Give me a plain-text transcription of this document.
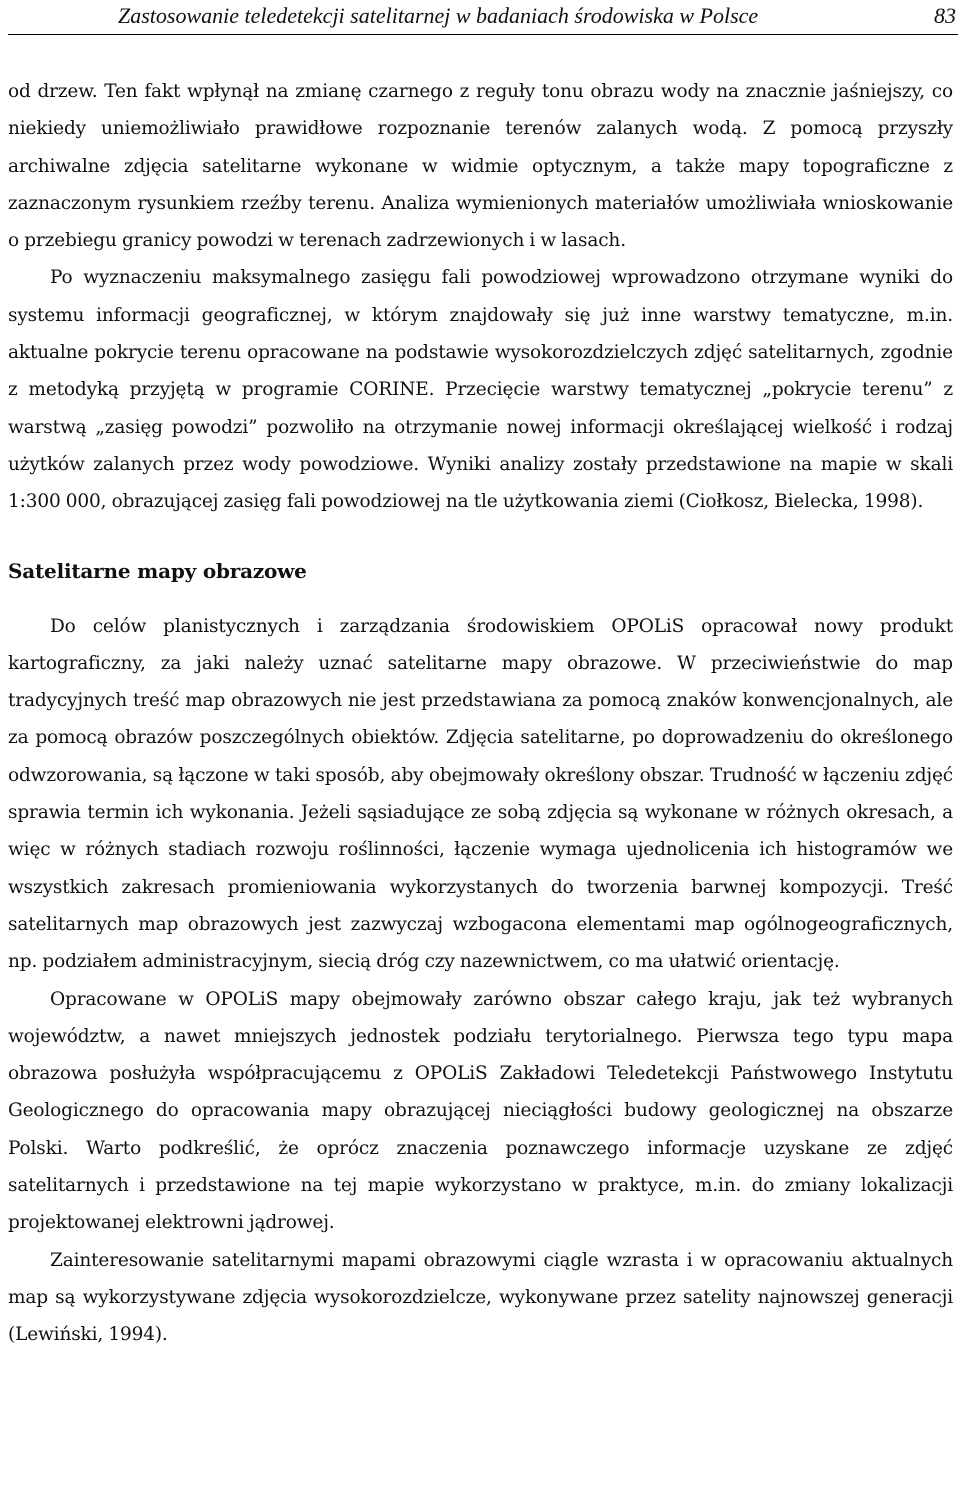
Zastosowanie teledetekcji satelitarnej w badaniach środowiska w Polsce	83

od drzew. Ten fakt wpłynął na zmianę czarnego z reguły tonu obrazu wody na znacznie jaśniejszy, co niekiedy uniemożliwiało prawidłowe rozpoznanie terenów zalanych wodą. Z pomocą przyszły archiwalne zdjęcia satelitarne wykonane w widmie optycznym, a także mapy topograficzne z zaznaczonym rysunkiem rzeźby terenu. Analiza wymienionych materiałów umożliwiała wnioskowanie o przebiegu granicy powodzi w terenach zadrzewionych i w lasach.

Po wyznaczeniu maksymalnego zasięgu fali powodziowej wprowadzono otrzymane wyniki do systemu informacji geograficznej, w którym znajdowały się już inne warstwy tematyczne, m.in. aktualne pokrycie terenu opracowane na podstawie wysokorozdzielczych zdjęć satelitarnych, zgodnie z metodyką przyjętą w programie CORINE. Przecięcie warstwy tematycznej „pokrycie terenu” z warstwą „zasięg powodzi” pozwoliło na otrzymanie nowej informacji określającej wielkość i rodzaj użytków zalanych przez wody powodziowe. Wyniki analizy zostały przedstawione na mapie w skali 1:300 000, obrazującej zasięg fali powodziowej na tle użytkowania ziemi (Ciołkosz, Bielecka, 1998).

Satelitarne mapy obrazowe

Do celów planistycznych i zarządzania środowiskiem OPOLiS opracował nowy produkt kartograficzny, za jaki należy uznać satelitarne mapy obrazowe. W przeciwieństwie do map tradycyjnych treść map obrazowych nie jest przedstawiana za pomocą znaków konwencjonalnych, ale za pomocą obrazów poszczególnych obiektów. Zdjęcia satelitarne, po doprowadzeniu do określonego odwzorowania, są łączone w taki sposób, aby obejmowały określony obszar. Trudność w łączeniu zdjęć sprawia termin ich wykonania. Jeżeli sąsiadujące ze sobą zdjęcia są wykonane w różnych okresach, a więc w różnych stadiach rozwoju roślinności, łączenie wymaga ujednolicenia ich histogramów we wszystkich zakresach promieniowania wykorzystanych do tworzenia barwnej kompozycji. Treść satelitarnych map obrazowych jest zazwyczaj wzbogacona elementami map ogólnogeograficznych, np. podziałem administracyjnym, siecią dróg czy nazewnictwem, co ma ułatwić orientację.

Opracowane w OPOLiS mapy obejmowały zarówno obszar całego kraju, jak też wybranych województw, a nawet mniejszych jednostek podziału terytorialnego. Pierwsza tego typu mapa obrazowa posłużyła współpracującemu z OPOLiS Zakładowi Teledetekcji Państwowego Instytutu Geologicznego do opracowania mapy obrazującej nieciągłości budowy geologicznej na obszarze Polski. Warto podkreślić, że oprócz znaczenia poznawczego informacje uzyskane ze zdjęć satelitarnych i przedstawione na tej mapie wykorzystano w praktyce, m.in. do zmiany lokalizacji projektowanej elektrowni jądrowej.

Zainteresowanie satelitarnymi mapami obrazowymi ciągle wzrasta i w opracowaniu aktualnych map są wykorzystywane zdjęcia wysokorozdzielcze, wykonywane przez satelity najnowszej generacji (Lewiński, 1994).
